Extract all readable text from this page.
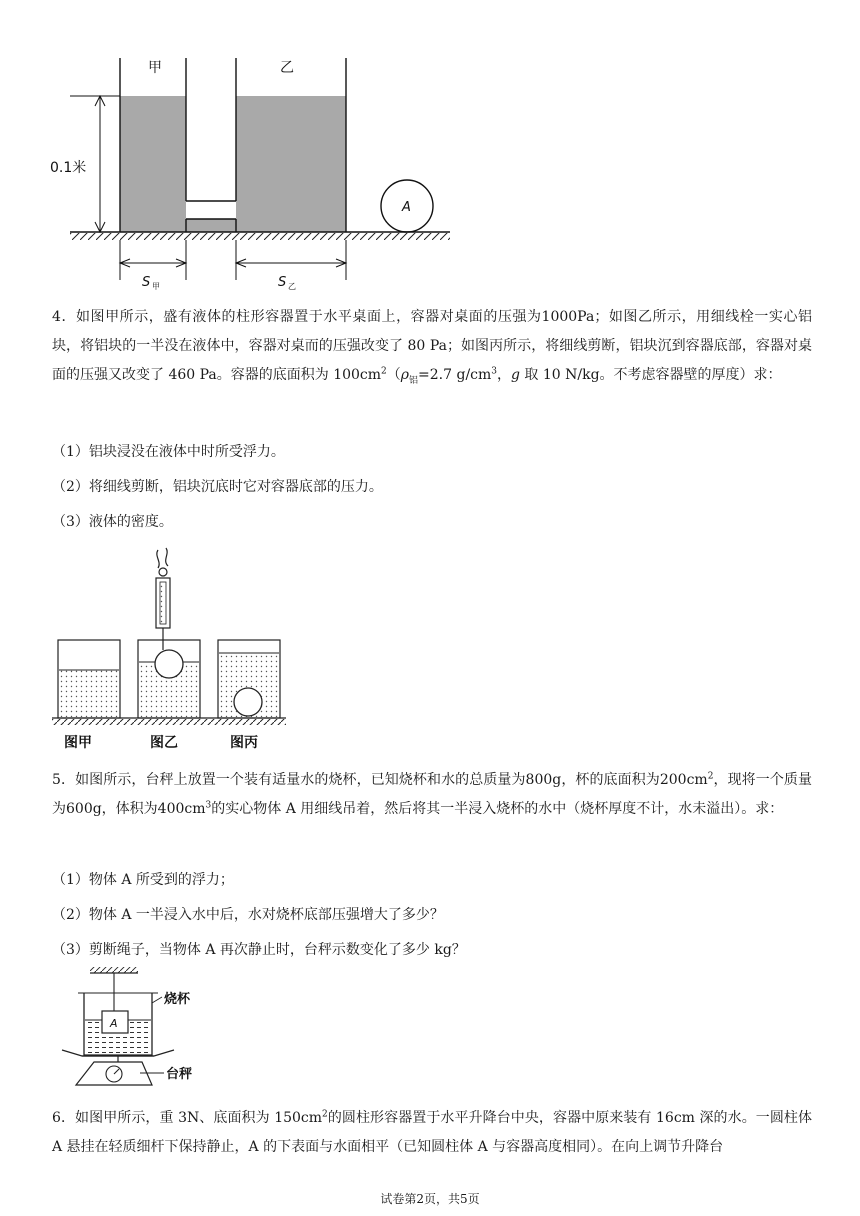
A
甲	乙
0.1米
S 甲	S 乙
4．如图甲所示，盛有液体的柱形容器置于水平桌面上，容器对桌面的压强为1000Pa；如图乙所示，用细线栓一实心铝块，将铝块的一半没在液体中，容器对桌而的压强改变了 80 Pa；如图丙所示，将细线剪断，铝块沉到容器底部，容器对桌面的压强又改变了 460 Pa。容器的底面积为 $100cm^2(\rho_铝=2.7$ $g/cm^3$，g 取 10 N/kg。不考虑容器壁的厚度）求：
（1）铝块浸没在液体中时所受浮力。
（2）将细线剪断，铝块沉底时它对容器底部的压力。
（3）液体的密度。
图甲	图乙	图丙
5．如图所示，台秤上放置一个装有适量水的烧杯，已知烧杯和水的总质量为800g，杯的底面积为$200cm^2$，现将一个质量为600g，体积为$400cm^3$的实心物体 A 用细线吊着，然后将其一半浸入烧杯的水中（烧杯厚度不计，水未溢出）。求：
（1）物体 A 所受到的浮力；
（2）物体 A 一半浸入水中后，水对烧杯底部压强增大了多少？
（3）剪断绳子，当物体 A 再次静止时，台秤示数变化了多少 kg？
A
烧杯
台秤
6．如图甲所示，重 3N、底面积为 $150cm^2$的圆柱形容器置于水平升降台中央，容器中原来装有 16cm 深的水。一圆柱体 A 悬挂在轻质细杆下保持静止，A 的下表面与水面相平（已知圆柱体 A 与容器高度相同）。在向上调节升降台
试卷第2页，共5页
